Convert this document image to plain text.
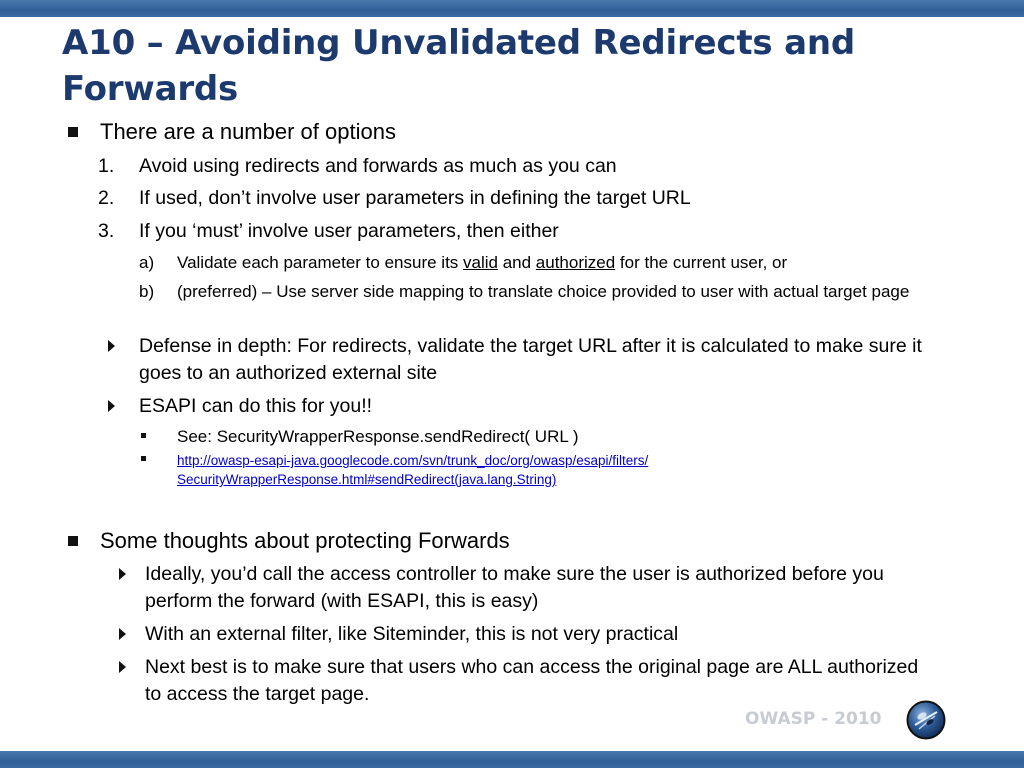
A10 – Avoiding Unvalidated Redirects and Forwards
There are a number of options
1.	Avoid using redirects and forwards as much as you can
2.	If used, don’t involve user parameters in defining the target URL
3.	If you ‘must’ involve user parameters, then either
a)	Validate each parameter to ensure its valid and authorized for the current user, or
b)	(preferred) – Use server side mapping to translate choice provided to user with actual target page
Defense in depth: For redirects, validate the target URL after it is calculated to make sure it goes to an authorized external site
ESAPI can do this for you!!
See: SecurityWrapperResponse.sendRedirect( URL )
http://owasp-esapi-java.googlecode.com/svn/trunk_doc/org/owasp/esapi/filters/
SecurityWrapperResponse.html#sendRedirect(java.lang.String)
Some thoughts about protecting Forwards
Ideally, you’d call the access controller to make sure the user is authorized before you perform the forward (with ESAPI, this is easy)
With an external filter, like Siteminder, this is not very practical
Next best is to make sure that users who can access the original page are ALL authorized to access the target page.
OWASP - 2010
